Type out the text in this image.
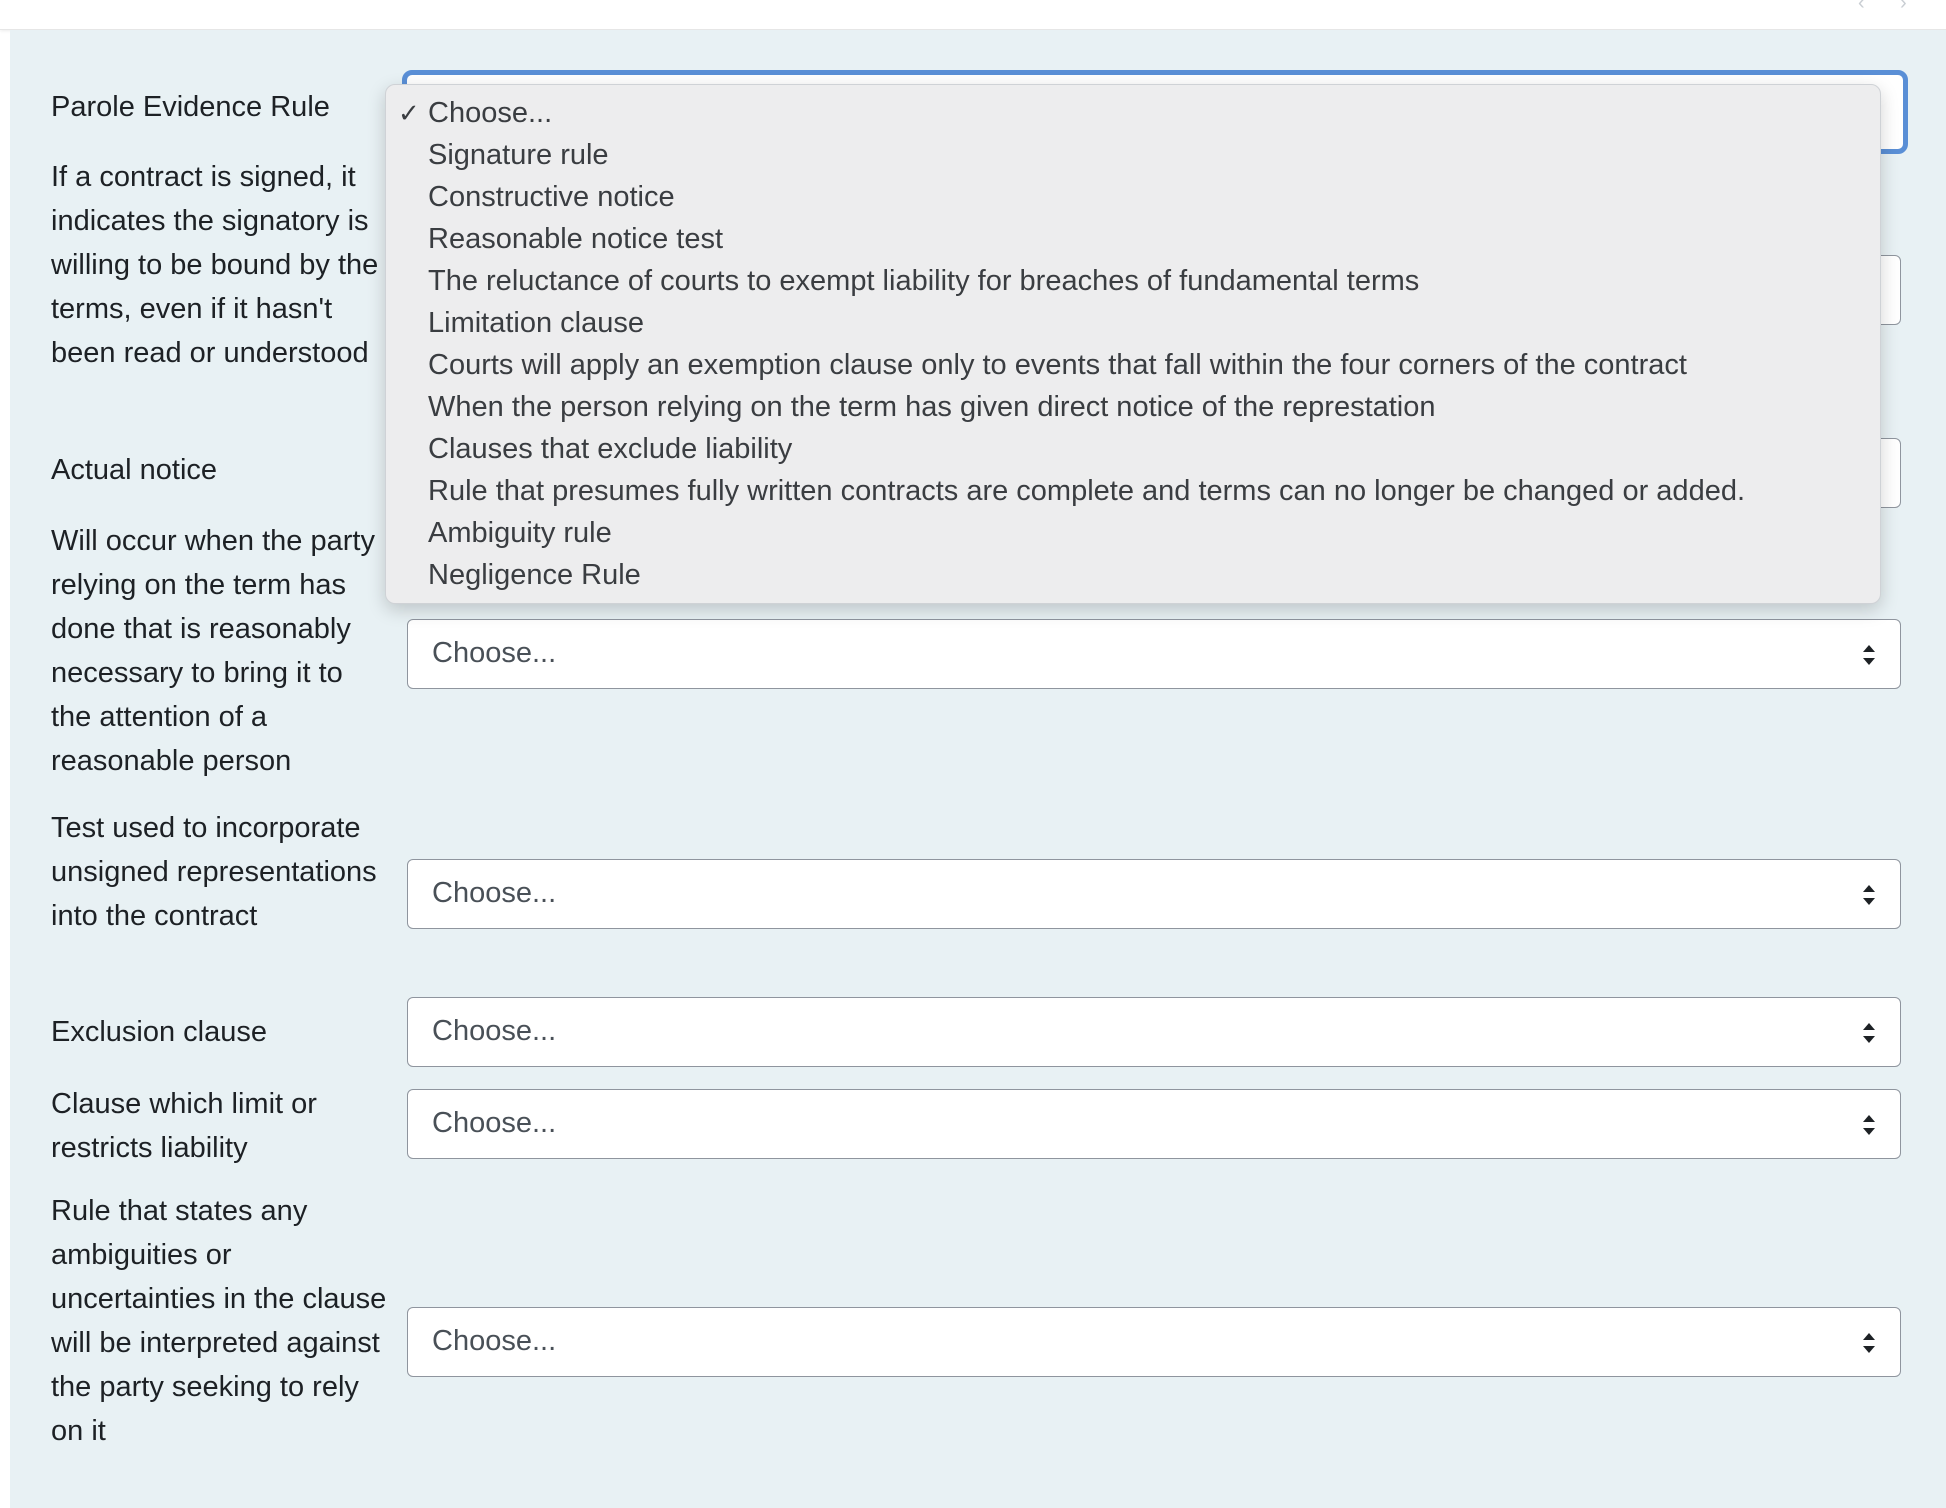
‹ ›
Parole Evidence Rule
If a contract is signed, it indicates the signatory is willing to be bound by the terms, even if it hasn't been read or understood
Actual notice
Will occur when the party relying on the term has done that is reasonably necessary to bring it to the attention of a reasonable person
Test used to incorporate unsigned representations into the contract
Exclusion clause
Clause which limit or restricts liability
Rule that states any ambiguities or uncertainties in the clause will be interpreted against the party seeking to rely on it
Choose...
Choose...
Choose...
Choose...
Choose...
✓ Choose...
Signature rule
Constructive notice
Reasonable notice test
The reluctance of courts to exempt liability for breaches of fundamental terms
Limitation clause
Courts will apply an exemption clause only to events that fall within the four corners of the contract
When the person relying on the term has given direct notice of the represtation
Clauses that exclude liability
Rule that presumes fully written contracts are complete and terms can no longer be changed or added.
Ambiguity rule
Negligence Rule
